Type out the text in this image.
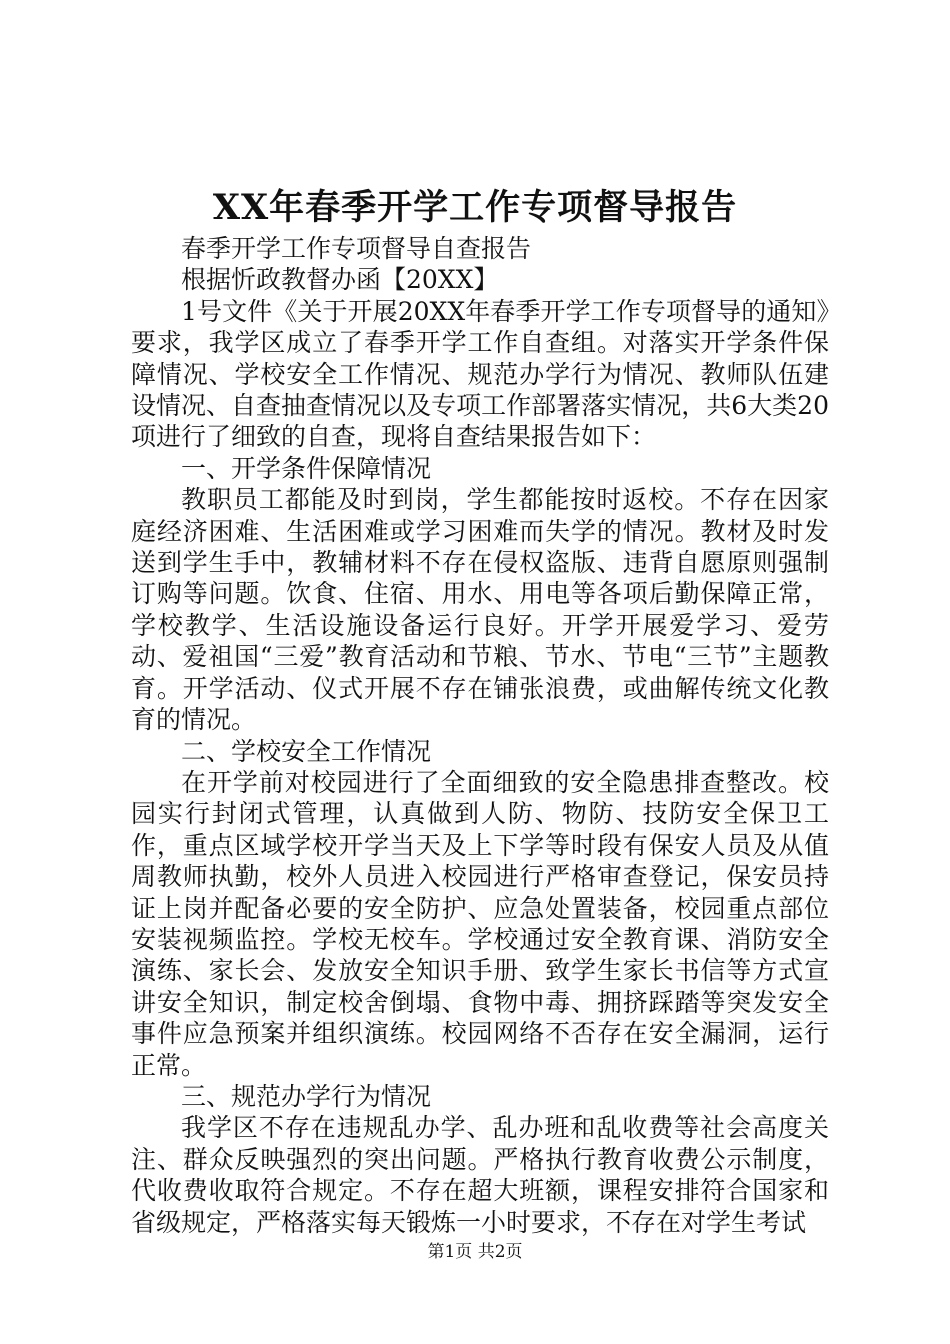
XX年春季开学工作专项督导报告

春季开学工作专项督导自查报告

根据忻政教督办函【20XX】

1号文件《关于开展20XX年春季开学工作专项督导的通知》要求，我学区成立了春季开学工作自查组。对落实开学条件保障情况、学校安全工作情况、规范办学行为情况、教师队伍建设情况、自查抽查情况以及专项工作部署落实情况，共6大类20项进行了细致的自查，现将自查结果报告如下：

一、开学条件保障情况

教职员工都能及时到岗，学生都能按时返校。不存在因家庭经济困难、生活困难或学习困难而失学的情况。教材及时发送到学生手中，教辅材料不存在侵权盗版、违背自愿原则强制订购等问题。饮食、住宿、用水、用电等各项后勤保障正常，学校教学、生活设施设备运行良好。开学开展爱学习、爱劳动、爱祖国“三爱”教育活动和节粮、节水、节电“三节”主题教育。开学活动、仪式开展不存在铺张浪费，或曲解传统文化教育的情况。

二、学校安全工作情况

在开学前对校园进行了全面细致的安全隐患排查整改。校园实行封闭式管理，认真做到人防、物防、技防安全保卫工作，重点区域学校开学当天及上下学等时段有保安人员及从值周教师执勤，校外人员进入校园进行严格审查登记，保安员持证上岗并配备必要的安全防护、应急处置装备，校园重点部位安装视频监控。学校无校车。学校通过安全教育课、消防安全演练、家长会、发放安全知识手册、致学生家长书信等方式宣讲安全知识，制定校舍倒塌、食物中毒、拥挤踩踏等突发安全事件应急预案并组织演练。校园网络不否存在安全漏洞，运行正常。

三、规范办学行为情况

我学区不存在违规乱办学、乱办班和乱收费等社会高度关注、群众反映强烈的突出问题。严格执行教育收费公示制度，代收费收取符合规定。不存在超大班额，课程安排符合国家和省级规定，严格落实每天锻炼一小时要求，不存在对学生考试

第1页 共2页
